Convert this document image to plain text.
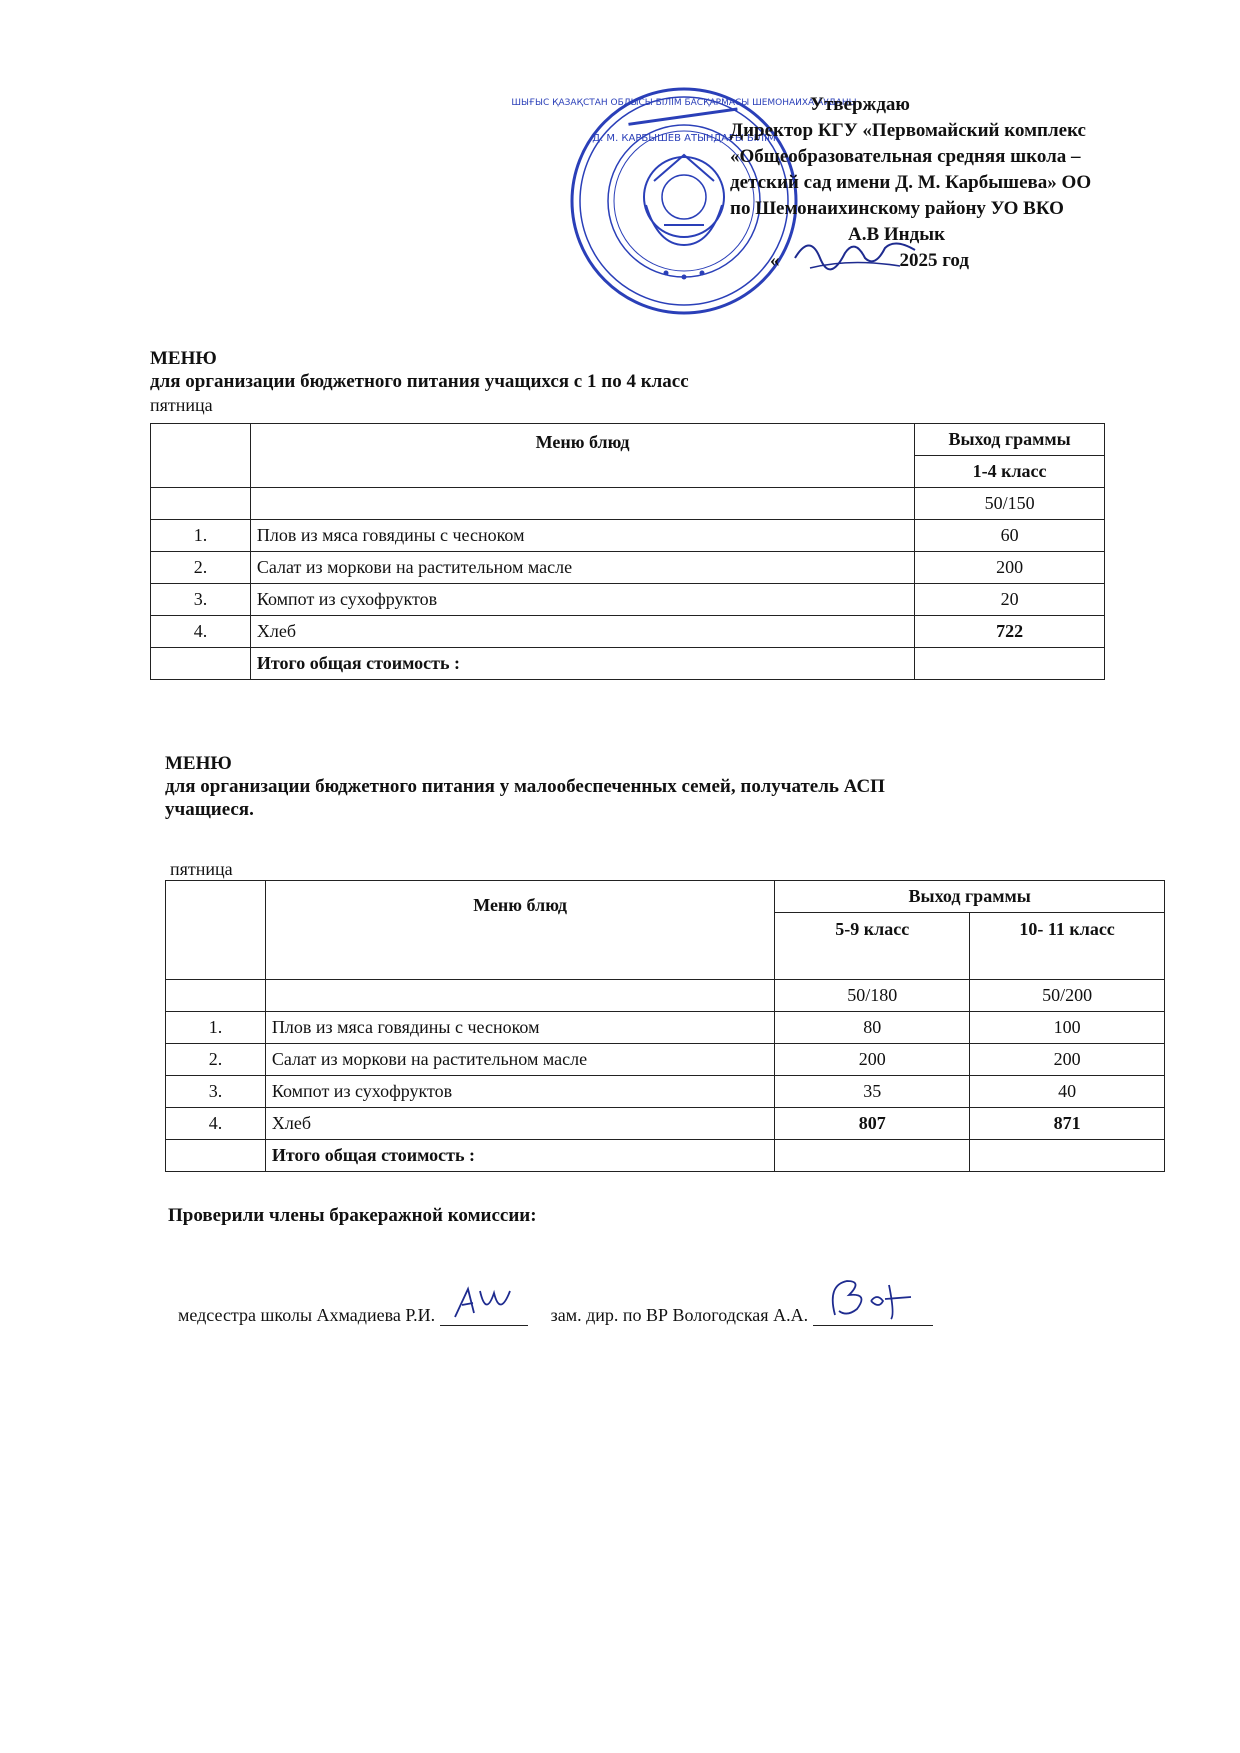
Д. М. КАРБЫШЕВ АТЫНДАҒЫ БІЛІМ
ШЫҒЫС ҚАЗАҚСТАН ОБЛЫСЫ БІЛІМ БАСҚАРМАСЫ ШЕМОНАИХА АУДАНЫ
Утверждаю
Директор КГУ «Первомайский комплекс
«Общеобразовательная средняя школа –
детский сад имени Д. М. Карбышева» ОО
по Шемонаихинскому району УО ВКО
А.В Индык
«	2025 год
МЕНЮ
для организации бюджетного питания учащихся с 1 по 4 класс
пятница
	Меню блюд	Выход граммы
		1-4 класс
		50/150
1.	Плов из мяса говядины с чесноком	60
2.	Салат из моркови на растительном масле	200
3.	Компот из сухофруктов	20
4.	Хлеб	722
	Итого общая стоимость :	
МЕНЮ
для организации бюджетного питания у малообеспеченных семей, получатель АСП
учащиеся.
пятница
	Меню блюд	Выход граммы	
		5-9 класс	10- 11 класс
		50/180	50/200
1.	Плов из мяса говядины с чесноком	80	100
2.	Салат из моркови на растительном масле	200	200
3.	Компот из сухофруктов	35	40
4.	Хлеб	807	871
	Итого общая стоимость :		
Проверили члены бракеражной комиссии:
медсестра школы Ахмадиева Р.И.	зам. дир. по ВР Вологодская А.А.
